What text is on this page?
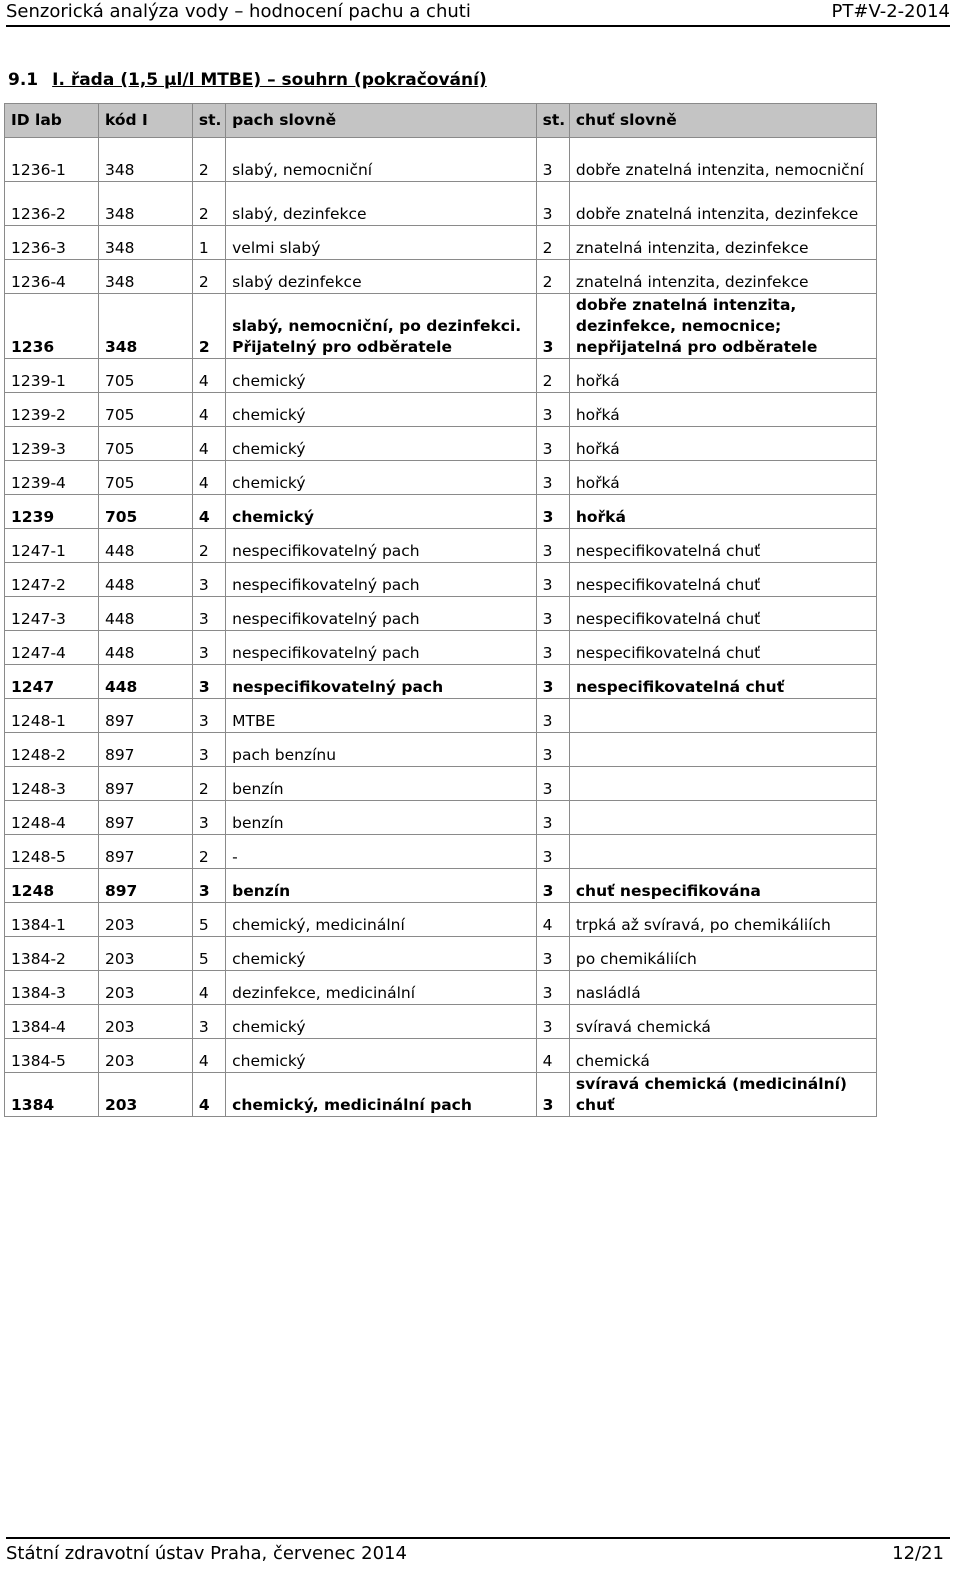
Senzorická analýza vody – hodnocení pachu a chuti	PT#V-2-2014
9.1 I. řada (1,5 µl/l MTBE) – souhrn (pokračování)
ID lab	kód I	st.	pach slovně	st.	chuť slovně
1236-1	348	2	slabý, nemocniční	3	dobře znatelná intenzita, nemocniční
1236-2	348	2	slabý, dezinfekce	3	dobře znatelná intenzita, dezinfekce
1236-3	348	1	velmi slabý	2	znatelná intenzita, dezinfekce
1236-4	348	2	slabý dezinfekce	2	znatelná intenzita, dezinfekce
1236	348	2	slabý, nemocniční, po dezinfekci. Přijatelný pro odběratele	3	dobře znatelná intenzita, dezinfekce, nemocnice; nepřijatelná pro odběratele
1239-1	705	4	chemický	2	hořká
1239-2	705	4	chemický	3	hořká
1239-3	705	4	chemický	3	hořká
1239-4	705	4	chemický	3	hořká
1239	705	4	chemický	3	hořká
1247-1	448	2	nespecifikovatelný pach	3	nespecifikovatelná chuť
1247-2	448	3	nespecifikovatelný pach	3	nespecifikovatelná chuť
1247-3	448	3	nespecifikovatelný pach	3	nespecifikovatelná chuť
1247-4	448	3	nespecifikovatelný pach	3	nespecifikovatelná chuť
1247	448	3	nespecifikovatelný pach	3	nespecifikovatelná chuť
1248-1	897	3	MTBE	3	
1248-2	897	3	pach benzínu	3	
1248-3	897	2	benzín	3	
1248-4	897	3	benzín	3	
1248-5	897	2	-	3	
1248	897	3	benzín	3	chuť nespecifikována
1384-1	203	5	chemický, medicinální	4	trpká až svíravá, po chemikáliích
1384-2	203	5	chemický	3	po chemikáliích
1384-3	203	4	dezinfekce, medicinální	3	nasládlá
1384-4	203	3	chemický	3	svíravá chemická
1384-5	203	4	chemický	4	chemická
1384	203	4	chemický, medicinální pach	3	svíravá chemická (medicinální) chuť
Státní zdravotní ústav Praha, červenec 2014	12/21
